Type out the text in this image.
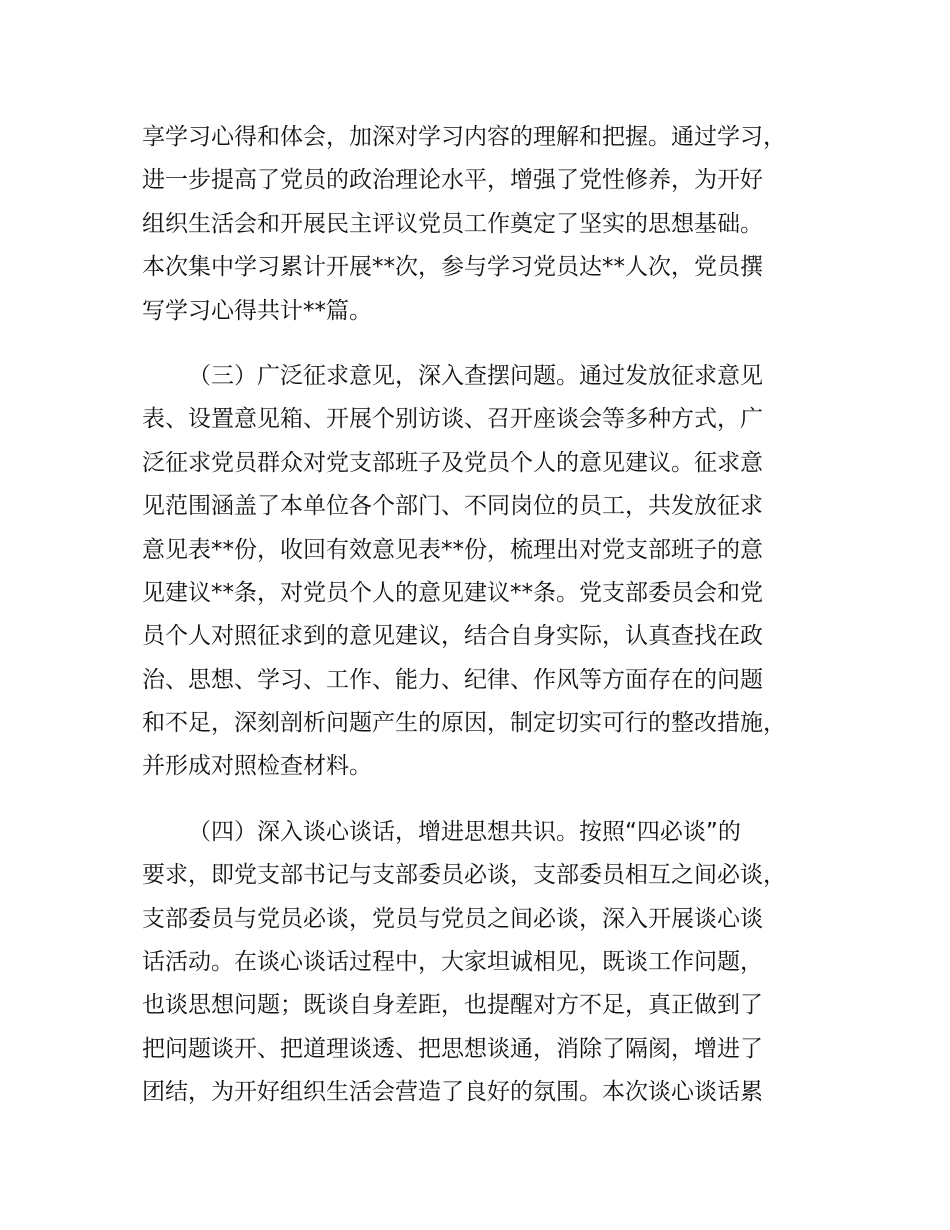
享学习心得和体会，加深对学习内容的理解和把握。通过学习，
进一步提高了党员的政治理论水平，增强了党性修养，为开好
组织生活会和开展民主评议党员工作奠定了坚实的思想基础。
本次集中学习累计开展**次，参与学习党员达**人次，党员撰
写学习心得共计**篇。
（三）广泛征求意见，深入查摆问题。通过发放征求意见
表、设置意见箱、开展个别访谈、召开座谈会等多种方式，广
泛征求党员群众对党支部班子及党员个人的意见建议。征求意
见范围涵盖了本单位各个部门、不同岗位的员工，共发放征求
意见表**份，收回有效意见表**份，梳理出对党支部班子的意
见建议**条，对党员个人的意见建议**条。党支部委员会和党
员个人对照征求到的意见建议，结合自身实际，认真查找在政
治、思想、学习、工作、能力、纪律、作风等方面存在的问题
和不足，深刻剖析问题产生的原因，制定切实可行的整改措施，
并形成对照检查材料。
（四）深入谈心谈话，增进思想共识。按照“四必谈”的
要求，即党支部书记与支部委员必谈，支部委员相互之间必谈，
支部委员与党员必谈，党员与党员之间必谈，深入开展谈心谈
话活动。在谈心谈话过程中，大家坦诚相见，既谈工作问题，
也谈思想问题；既谈自身差距，也提醒对方不足，真正做到了
把问题谈开、把道理谈透、把思想谈通，消除了隔阂，增进了
团结，为开好组织生活会营造了良好的氛围。本次谈心谈话累
